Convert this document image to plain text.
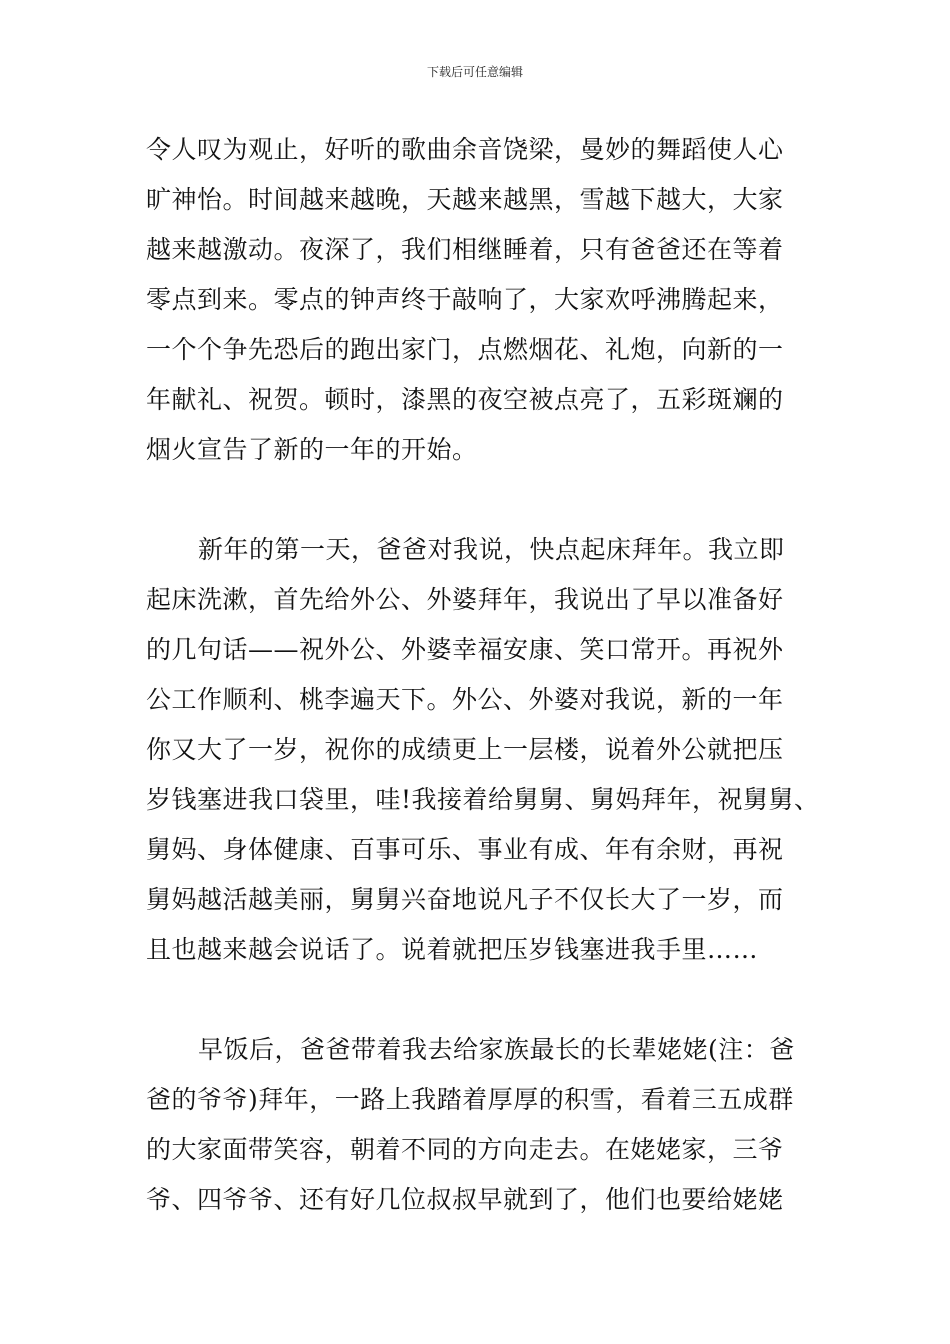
下载后可任意编辑
令人叹为观止，好听的歌曲余音饶梁，曼妙的舞蹈使人心
旷神怡。时间越来越晚，天越来越黑，雪越下越大，大家
越来越激动。夜深了，我们相继睡着，只有爸爸还在等着
零点到来。零点的钟声终于敲响了，大家欢呼沸腾起来，
一个个争先恐后的跑出家门，点燃烟花、礼炮，向新的一
年献礼、祝贺。顿时，漆黑的夜空被点亮了，五彩斑斓的
烟火宣告了新的一年的开始。
新年的第一天，爸爸对我说，快点起床拜年。我立即
起床洗漱，首先给外公、外婆拜年，我说出了早以准备好
的几句话——祝外公、外婆幸福安康、笑口常开。再祝外
公工作顺利、桃李遍天下。外公、外婆对我说，新的一年
你又大了一岁，祝你的成绩更上一层楼，说着外公就把压
岁钱塞进我口袋里，哇!我接着给舅舅、舅妈拜年，祝舅舅、
舅妈、身体健康、百事可乐、事业有成、年有余财，再祝
舅妈越活越美丽，舅舅兴奋地说凡子不仅长大了一岁，而
且也越来越会说话了。说着就把压岁钱塞进我手里……
早饭后，爸爸带着我去给家族最长的长辈姥姥(注：爸
爸的爷爷)拜年，一路上我踏着厚厚的积雪，看着三五成群
的大家面带笑容，朝着不同的方向走去。在姥姥家，三爷
爷、四爷爷、还有好几位叔叔早就到了，他们也要给姥姥
